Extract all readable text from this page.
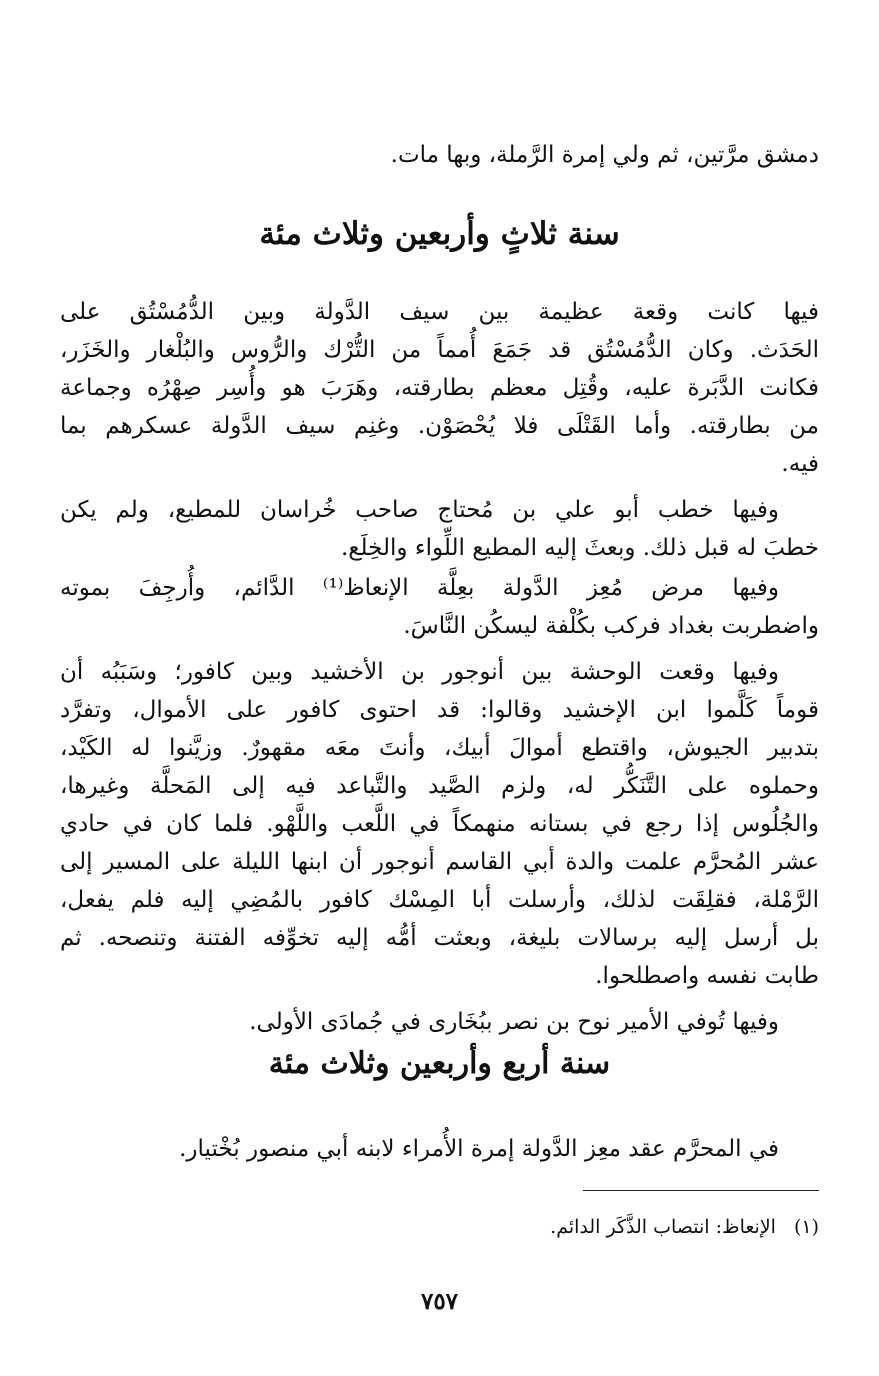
دمشق مرَّتين، ثم ولي إمرة الرَّملة، وبها مات.
سنة ثلاثٍ وأربعين وثلاث مئة
فيها كانت وقعة عظيمة بين سيف الدَّولة وبين الدُّمُسْتُق على
الحَدَث. وكان الدُّمُسْتُق قد جَمَعَ أُمماً من التُّرْك والرُّوس والبُلْغار والخَزَر،
فكانت الدَّبَرة عليه، وقُتِل معظم بطارقته، وهَرَبَ هو وأُسِر صِهْرُه وجماعة
من بطارقته. وأما القَتْلَى فلا يُحْصَوْن. وغنِم سيف الدَّولة عسكرهم بما
فيه.
وفيها خطب أبو علي بن مُحتاج صاحب خُراسان للمطيع، ولم يكن
خطبَ له قبل ذلك. وبعثَ إليه المطيع اللِّواء والخِلَع.
وفيها مرض مُعِز الدَّولة بعِلَّة الإنعاظ⁽¹⁾ الدَّائم، وأُرجِفَ بموته
واضطربت بغداد فركب بكُلْفة ليسكُن النَّاسَ.
وفيها وقعت الوحشة بين أنوجور بن الأخشيد وبين كافور؛ وسَبَبُه أن
قوماً كَلَّموا ابن الإخشيد وقالوا: قد احتوى كافور على الأموال، وتفرَّد
بتدبير الجيوش، واقتطع أموالَ أبيك، وأنتَ معَه مقهورٌ. وزيَّنوا له الكَيْد،
وحملوه على التَّنَكُّر له، ولزم الصَّيد والتَّباعد فيه إلى المَحلَّة وغيرها،
والجُلُوس إذا رجع في بستانه منهمكاً في اللَّعب واللَّهْو. فلما كان في حادي
عشر المُحرَّم علمت والدة أبي القاسم أنوجور أن ابنها الليلة على المسير إلى
الرَّمْلة، فقلِقَت لذلك، وأرسلت أبا المِسْك كافور بالمُضِي إليه فلم يفعل،
بل أرسل إليه برسالات بليغة، وبعثت أمُّه إليه تخوِّفه الفتنة وتنصحه. ثم
طابت نفسه واصطلحوا.
وفيها تُوفي الأمير نوح بن نصر ببُخَارى في جُمادَى الأولى.
سنة أربع وأربعين وثلاث مئة
في المحرَّم عقد معِز الدَّولة إمرة الأُمراء لابنه أبي منصور بُخْتيار.
(١)الإنعاظ: انتصاب الذَّكَر الدائم.
٧٥٧
